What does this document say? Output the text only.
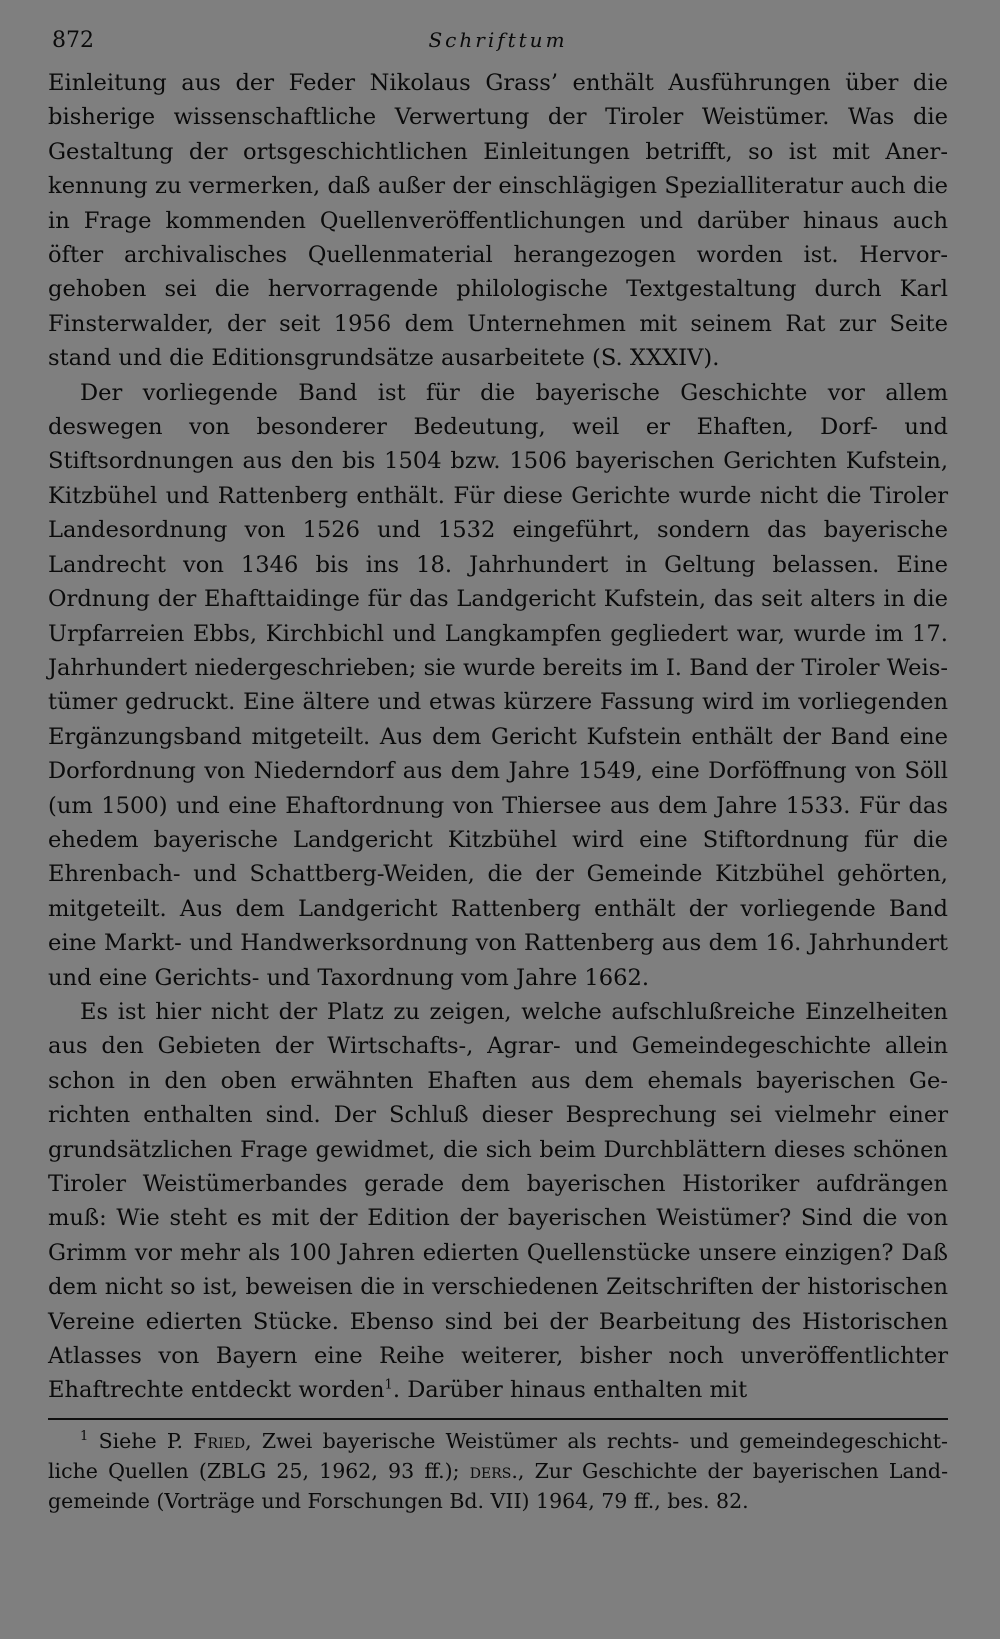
872	Schrifttum

Einleitung aus der Feder Nikolaus Grass’ enthält Ausführungen über die bisherige wissenschaftliche Verwertung der Tiroler Weistümer. Was die Gestaltung der ortsgeschichtlichen Einleitungen betrifft, so ist mit Anerkennung zu vermerken, daß außer der einschlägigen Spezialliteratur auch die in Frage kommenden Quellenveröffentlichungen und darüber hinaus auch öfter archivalisches Quellenmaterial herangezogen worden ist. Hervorgehoben sei die hervorragende philologische Textgestaltung durch Karl Finsterwalder, der seit 1956 dem Unternehmen mit seinem Rat zur Seite stand und die Editionsgrundsätze ausarbeitete (S. XXXIV).

Der vorliegende Band ist für die bayerische Geschichte vor allem deswegen von besonderer Bedeutung, weil er Ehaften, Dorf- und Stiftsordnungen aus den bis 1504 bzw. 1506 bayerischen Gerichten Kufstein, Kitzbühel und Rattenberg enthält. Für diese Gerichte wurde nicht die Tiroler Landesordnung von 1526 und 1532 eingeführt, sondern das bayerische Landrecht von 1346 bis ins 18. Jahrhundert in Geltung belassen. Eine Ordnung der Ehafttaidinge für das Landgericht Kufstein, das seit alters in die Urpfarreien Ebbs, Kirchbichl und Langkampfen gegliedert war, wurde im 17. Jahrhundert niedergeschrieben; sie wurde bereits im I. Band der Tiroler Weistümer gedruckt. Eine ältere und etwas kürzere Fassung wird im vorliegenden Ergänzungsband mitgeteilt. Aus dem Gericht Kufstein enthält der Band eine Dorfordnung von Niederndorf aus dem Jahre 1549, eine Dorföffnung von Söll (um 1500) und eine Ehaftordnung von Thiersee aus dem Jahre 1533. Für das ehedem bayerische Landgericht Kitzbühel wird eine Stiftordnung für die Ehrenbach- und Schattberg-Weiden, die der Gemeinde Kitzbühel gehörten, mitgeteilt. Aus dem Landgericht Rattenberg enthält der vorliegende Band eine Markt- und Handwerksordnung von Rattenberg aus dem 16. Jahrhundert und eine Gerichts- und Taxordnung vom Jahre 1662.

Es ist hier nicht der Platz zu zeigen, welche aufschlußreiche Einzelheiten aus den Gebieten der Wirtschafts-, Agrar- und Gemeindegeschichte allein schon in den oben erwähnten Ehaften aus dem ehemals bayerischen Gerichten enthalten sind. Der Schluß dieser Besprechung sei vielmehr einer grundsätzlichen Frage gewidmet, die sich beim Durchblättern dieses schönen Tiroler Weistümerbandes gerade dem bayerischen Historiker aufdrängen muß: Wie steht es mit der Edition der bayerischen Weistümer? Sind die von Grimm vor mehr als 100 Jahren edierten Quellenstücke unsere einzigen? Daß dem nicht so ist, beweisen die in verschiedenen Zeitschriften der historischen Vereine edierten Stücke. Ebenso sind bei der Bearbeitung des Historischen Atlasses von Bayern eine Reihe weiterer, bisher noch unveröffentlichter Ehaftrechte entdeckt worden$^1$. Darüber hinaus enthalten mit

$^1$ Siehe P. Fried, Zwei bayerische Weistümer als rechts- und gemeindegeschichtliche Quellen (ZBLG 25, 1962, 93 ff.); ders., Zur Geschichte der bayerischen Landgemeinde (Vorträge und Forschungen Bd. VII) 1964, 79 ff., bes. 82.
